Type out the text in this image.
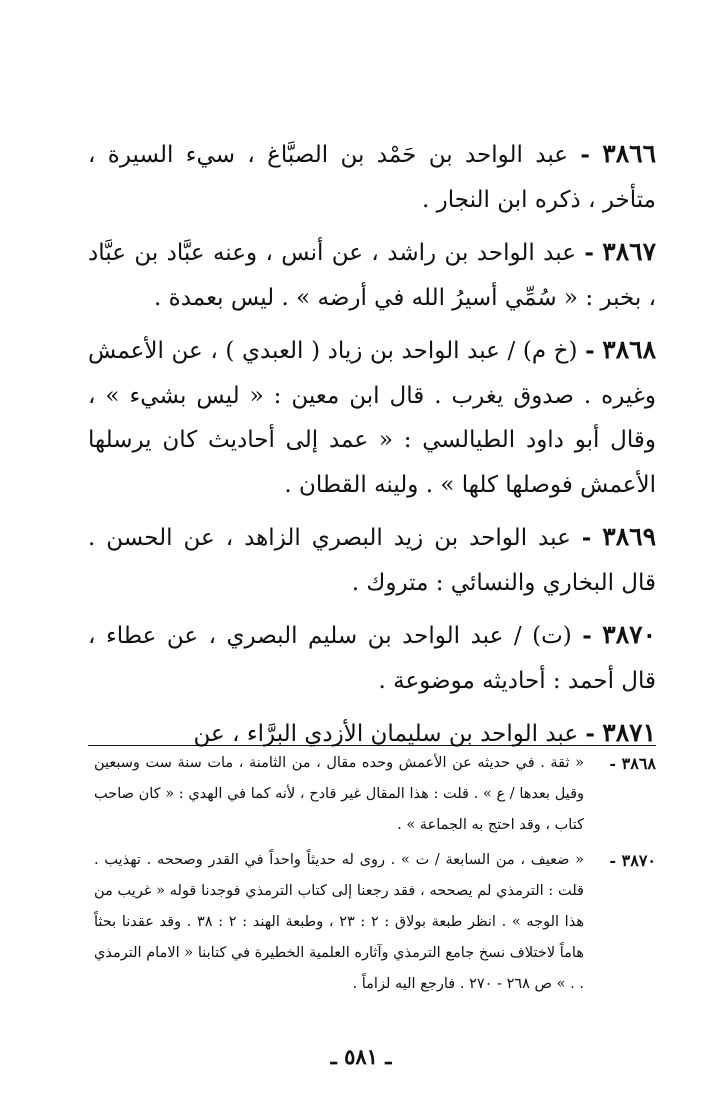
٣٨٦٦ - عبد الواحد بن حَمْد بن الصبَّاغ ، سيء السيرة ، متأخر ، ذكره ابن النجار .

٣٨٦٧ - عبد الواحد بن راشد ، عن أنس ، وعنه عبَّاد بن عبَّاد ، بخبر : « سُمِّي أسيرُ الله في أرضه » . ليس بعمدة .

٣٨٦٨ - (خ م) / عبد الواحد بن زياد ( العبدي ) ، عن الأعمش وغيره . صدوق يغرب . قال ابن معين : « ليس بشيء » ، وقال أبو داود الطيالسي : « عمد إلى أحاديث كان يرسلها الأعمش فوصلها كلها » . ولينه القطان .

٣٨٦٩ - عبد الواحد بن زيد البصري الزاهد ، عن الحسن . قال البخاري والنسائي : متروك .

٣٨٧٠ - (ت) / عبد الواحد بن سليم البصري ، عن عطاء ، قال أحمد : أحاديثه موضوعة .

٣٨٧١ - عبد الواحد بن سليمان الأزدي البرَّاء ، عن

٣٨٦٨ -
« ثقة . في حديثه عن الأعمش وحده مقال ، من الثامنة ، مات سنة ست وسبعين وقيل بعدها / ع » . قلت : هذا المقال غير قادح ، لأنه كما في الهدي : « كان صاحب كتاب ، وقد احتج به الجماعة » .
٣٨٧٠ -
« ضعيف ، من السابعة / ت » . روى له حديثاً واحداً في القدر وصححه . تهذيب . قلت : الترمذي لم يصححه ، فقد رجعنا إلى كتاب الترمذي فوجدنا قوله « غريب من هذا الوجه » . انظر طبعة بولاق : ٢ : ٢٣ ، وطبعة الهند : ٢ : ٣٨ . وقد عقدنا بحثاً هاماً لاختلاف نسخ جامع الترمذي وآثاره العلمية الخطيرة في كتابنا « الامام الترمذي . . » ص ٢٦٨ - ٢٧٠ . فارجع اليه لزاماً .
ـ ٥٨١ ـ
